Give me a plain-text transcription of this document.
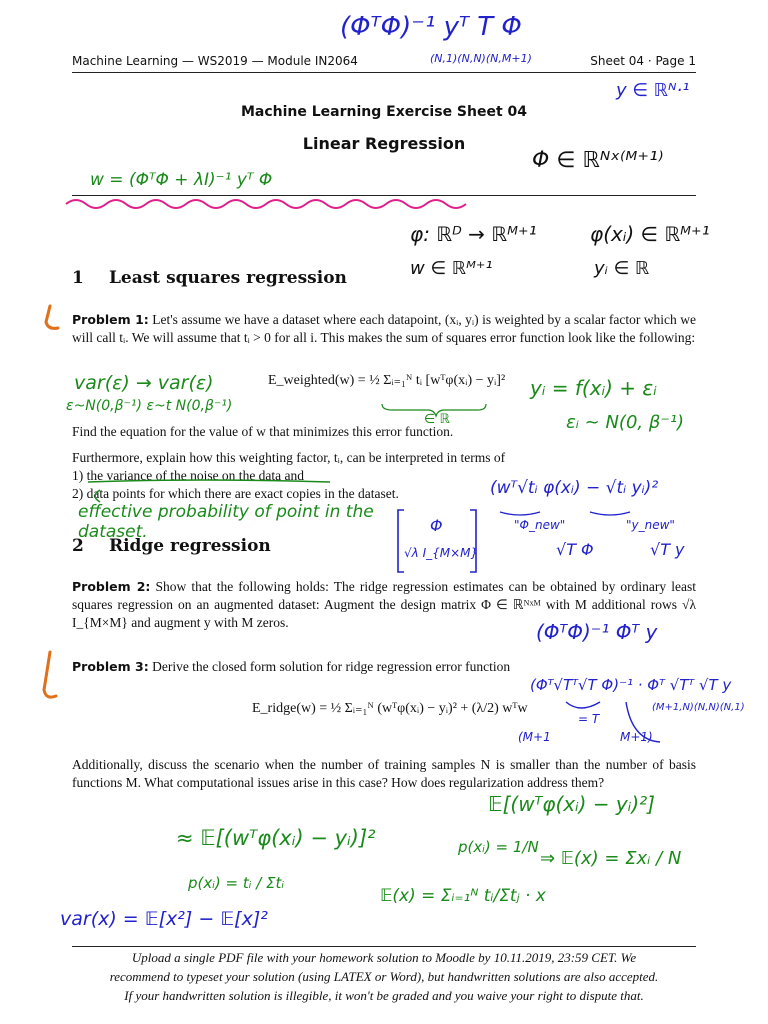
Machine Learning — WS2019 — Module IN2064	Sheet 04 · Page 1
Machine Learning Exercise Sheet 04
Linear Regression
1 Least squares regression
Problem 1: Let's assume we have a dataset where each datapoint, (xᵢ, yᵢ) is weighted by a scalar factor which we will call tᵢ. We will assume that tᵢ > 0 for all i. This makes the sum of squares error function look like the following:
E_weighted(w) = ½ Σᵢ₌₁ᴺ tᵢ [wᵀφ(xᵢ) − yᵢ]²
Find the equation for the value of w that minimizes this error function.
Furthermore, explain how this weighting factor, tᵢ, can be interpreted in terms of
1) the variance of the noise on the data and
2) data points for which there are exact copies in the dataset.
2 Ridge regression
Problem 2: Show that the following holds: The ridge regression estimates can be obtained by ordinary least squares regression on an augmented dataset: Augment the design matrix Φ ∈ ℝᴺˣᴹ with M additional rows √λ I_{M×M} and augment y with M zeros.
Problem 3: Derive the closed form solution for ridge regression error function
E_ridge(w) = ½ Σᵢ₌₁ᴺ (wᵀφ(xᵢ) − yᵢ)² + (λ/2) wᵀw
Additionally, discuss the scenario when the number of training samples N is smaller than the number of basis functions M. What computational issues arise in this case? How does regularization address them?
Upload a single PDF file with your homework solution to Moodle by 10.11.2019, 23:59 CET. We
recommend to typeset your solution (using LATEX or Word), but handwritten solutions are also accepted.
If your handwritten solution is illegible, it won't be graded and you waive your right to dispute that.
(ΦᵀΦ)⁻¹ yᵀ T Φ
(N,1)(N,N)(N,M+1)
y ∈ ℝᴺ·¹
w = (ΦᵀΦ + λI)⁻¹ yᵀ Φ
Φ ∈ ℝᴺˣ⁽ᴹ⁺¹⁾
φ: ℝᴰ → ℝᴹ⁺¹	φ(xᵢ) ∈ ℝᴹ⁺¹
w ∈ ℝᴹ⁺¹	yᵢ ∈ ℝ
var(ε) → var(ε)
ε~N(0,β⁻¹) ε~t N(0,β⁻¹)
∈ ℝ
yᵢ = f(xᵢ) + εᵢ
εᵢ ~ N(0, β⁻¹)
(wᵀ√tᵢ φ(xᵢ) − √tᵢ yᵢ)²
"Φ_new"	"y_new"
√T Φ	√T y
effective probability of point in the dataset.	Φ
√λ I_{M×M}
(ΦᵀΦ)⁻¹ Φᵀ y
(Φᵀ√Tᵀ√T Φ)⁻¹ · Φᵀ √Tᵀ √T y
(M+1,N)(N,N)(N,1)
= T
(M+1	M+1)
𝔼[(wᵀφ(xᵢ) − yᵢ)²]
≈ 𝔼[(wᵀφ(xᵢ) − yᵢ)]²	p(xᵢ) = 1/N
⇒ 𝔼(x) = Σxᵢ / N
p(xᵢ) = tᵢ / Σtᵢ
𝔼(x) = Σᵢ₌₁ᴺ tᵢ/Σtⱼ · x
var(x) = 𝔼[x²] − 𝔼[x]²
